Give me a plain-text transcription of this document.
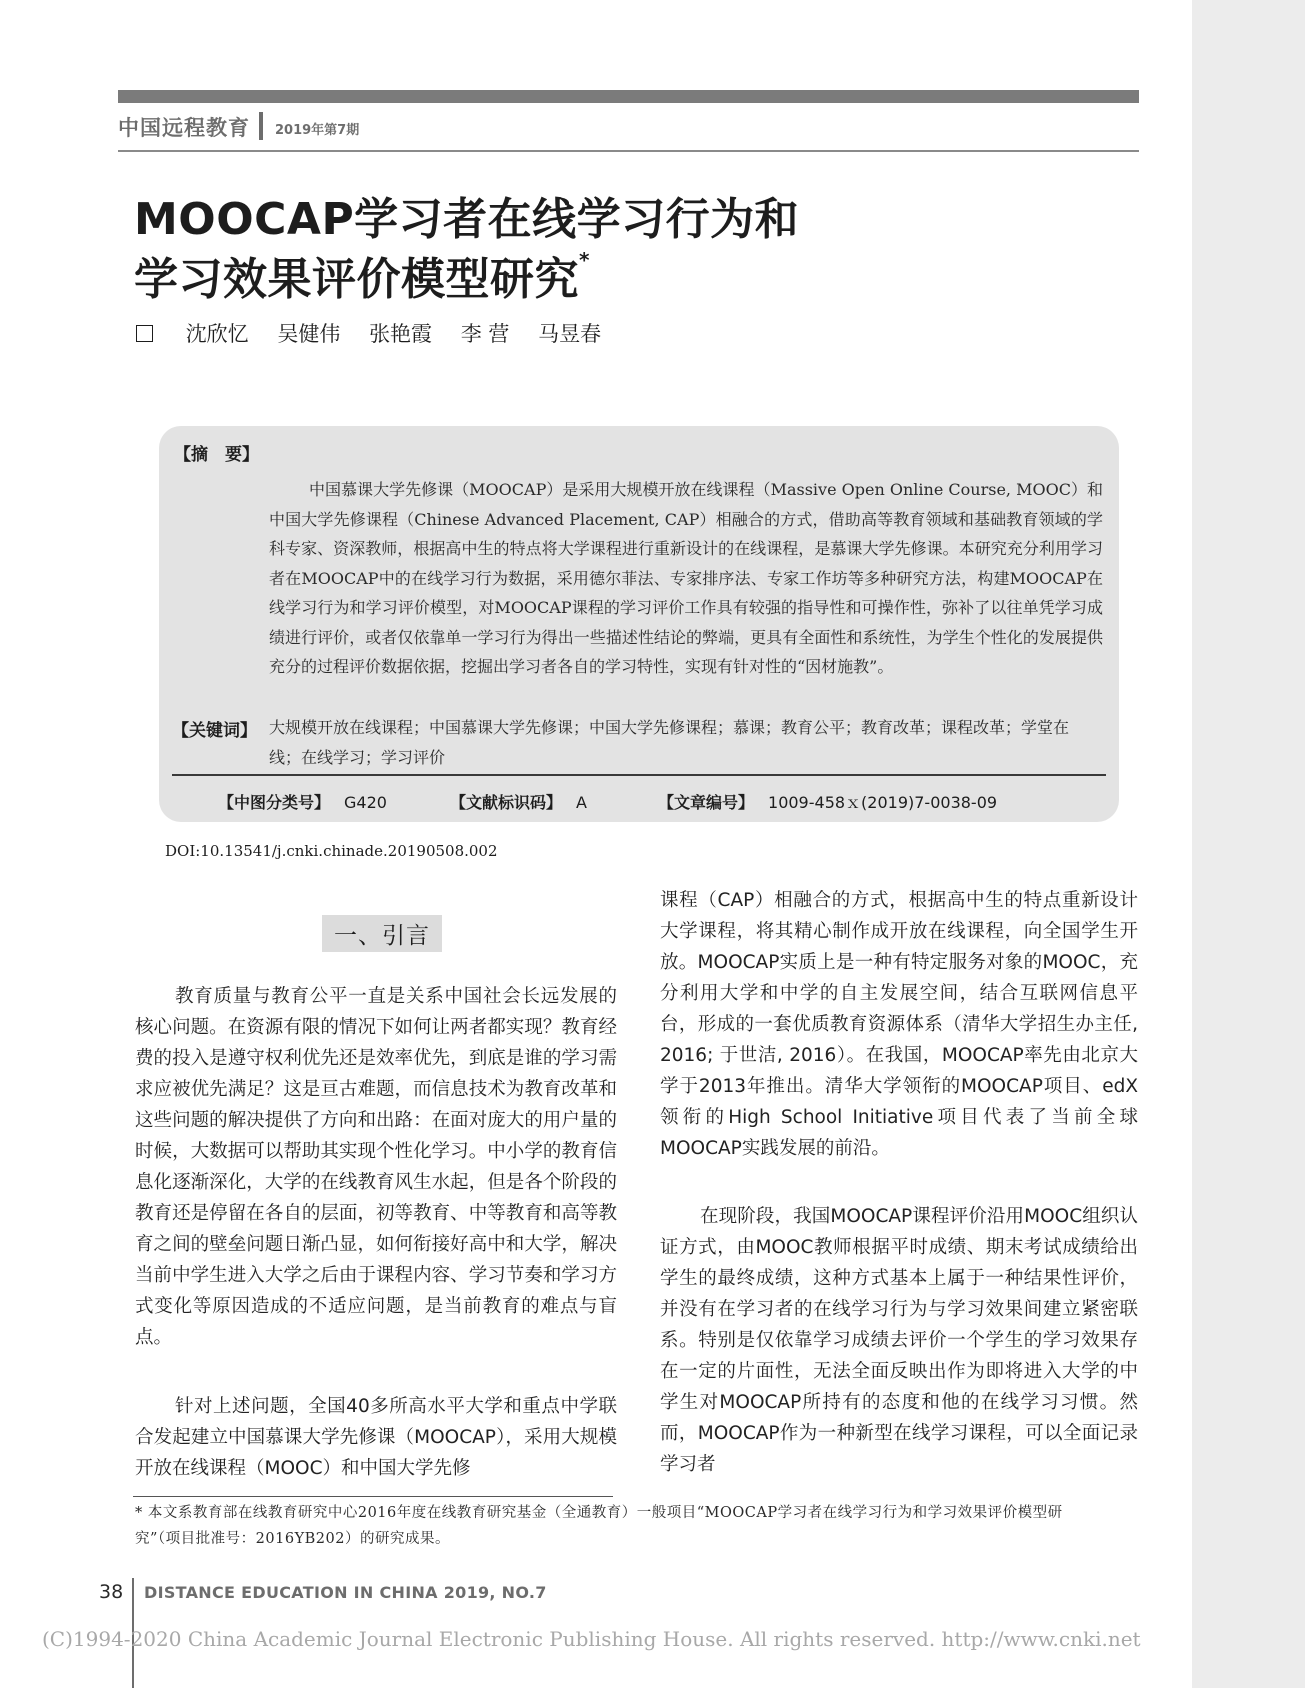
中国远程教育 2019年第7期
MOOCAP学习者在线学习行为和
学习效果评价模型研究*
沈欣忆 吴健伟 张艳霞 李 营 马昱春
【摘　要】

中国慕课大学先修课（MOOCAP）是采用大规模开放在线课程（Massive Open Online Course, MOOC）和中国大学先修课程（Chinese Advanced Placement, CAP）相融合的方式，借助高等教育领域和基础教育领域的学科专家、资深教师，根据高中生的特点将大学课程进行重新设计的在线课程，是慕课大学先修课。本研究充分利用学习者在MOOCAP中的在线学习行为数据，采用德尔菲法、专家排序法、专家工作坊等多种研究方法，构建MOOCAP在线学习行为和学习评价模型，对MOOCAP课程的学习评价工作具有较强的指导性和可操作性，弥补了以往单凭学习成绩进行评价，或者仅依靠单一学习行为得出一些描述性结论的弊端，更具有全面性和系统性，为学生个性化的发展提供充分的过程评价数据依据，挖掘出学习者各自的学习特性，实现有针对性的“因材施教”。

【关键词】 大规模开放在线课程；中国慕课大学先修课；中国大学先修课程；慕课；教育公平；教育改革；课程改革；学堂在线；在线学习；学习评价

【中图分类号】 G420	【文献标识码】 A	【文章编号】 1009-458ｘ(2019)7-0038-09
DOI:10.13541/j.cnki.chinade.20190508.002
一、引言

教育质量与教育公平一直是关系中国社会长远发展的核心问题。在资源有限的情况下如何让两者都实现？教育经费的投入是遵守权利优先还是效率优先，到底是谁的学习需求应被优先满足？这是亘古难题，而信息技术为教育改革和这些问题的解决提供了方向和出路：在面对庞大的用户量的时候，大数据可以帮助其实现个性化学习。中小学的教育信息化逐渐深化，大学的在线教育风生水起，但是各个阶段的教育还是停留在各自的层面，初等教育、中等教育和高等教育之间的壁垒问题日渐凸显，如何衔接好高中和大学，解决当前中学生进入大学之后由于课程内容、学习节奏和学习方式变化等原因造成的不适应问题，是当前教育的难点与盲点。

针对上述问题，全国40多所高水平大学和重点中学联合发起建立中国慕课大学先修课（MOOCAP），采用大规模开放在线课程（MOOC）和中国大学先修

课程（CAP）相融合的方式，根据高中生的特点重新设计大学课程，将其精心制作成开放在线课程，向全国学生开放。MOOCAP实质上是一种有特定服务对象的MOOC，充分利用大学和中学的自主发展空间，结合互联网信息平台，形成的一套优质教育资源体系（清华大学招生办主任, 2016; 于世洁, 2016）。在我国，MOOCAP率先由北京大学于2013年推出。清华大学领衔的MOOCAP项目、edX领衔的High School Initiative项目代表了当前全球MOOCAP实践发展的前沿。

在现阶段，我国MOOCAP课程评价沿用MOOC组织认证方式，由MOOC教师根据平时成绩、期末考试成绩给出学生的最终成绩，这种方式基本上属于一种结果性评价，并没有在学习者的在线学习行为与学习效果间建立紧密联系。特别是仅依靠学习成绩去评价一个学生的学习效果存在一定的片面性，无法全面反映出作为即将进入大学的中学生对MOOCAP所持有的态度和他的在线学习习惯。然而，MOOCAP作为一种新型在线学习课程，可以全面记录学习者

* 本文系教育部在线教育研究中心2016年度在线教育研究基金（全通教育）一般项目“MOOCAP学习者在线学习行为和学习效果评价模型研究”（项目批准号：2016YB202）的研究成果。

38 DISTANCE EDUCATION IN CHINA 2019, NO.7
(C)1994-2020 China Academic Journal Electronic Publishing House. All rights reserved. http://www.cnki.net
